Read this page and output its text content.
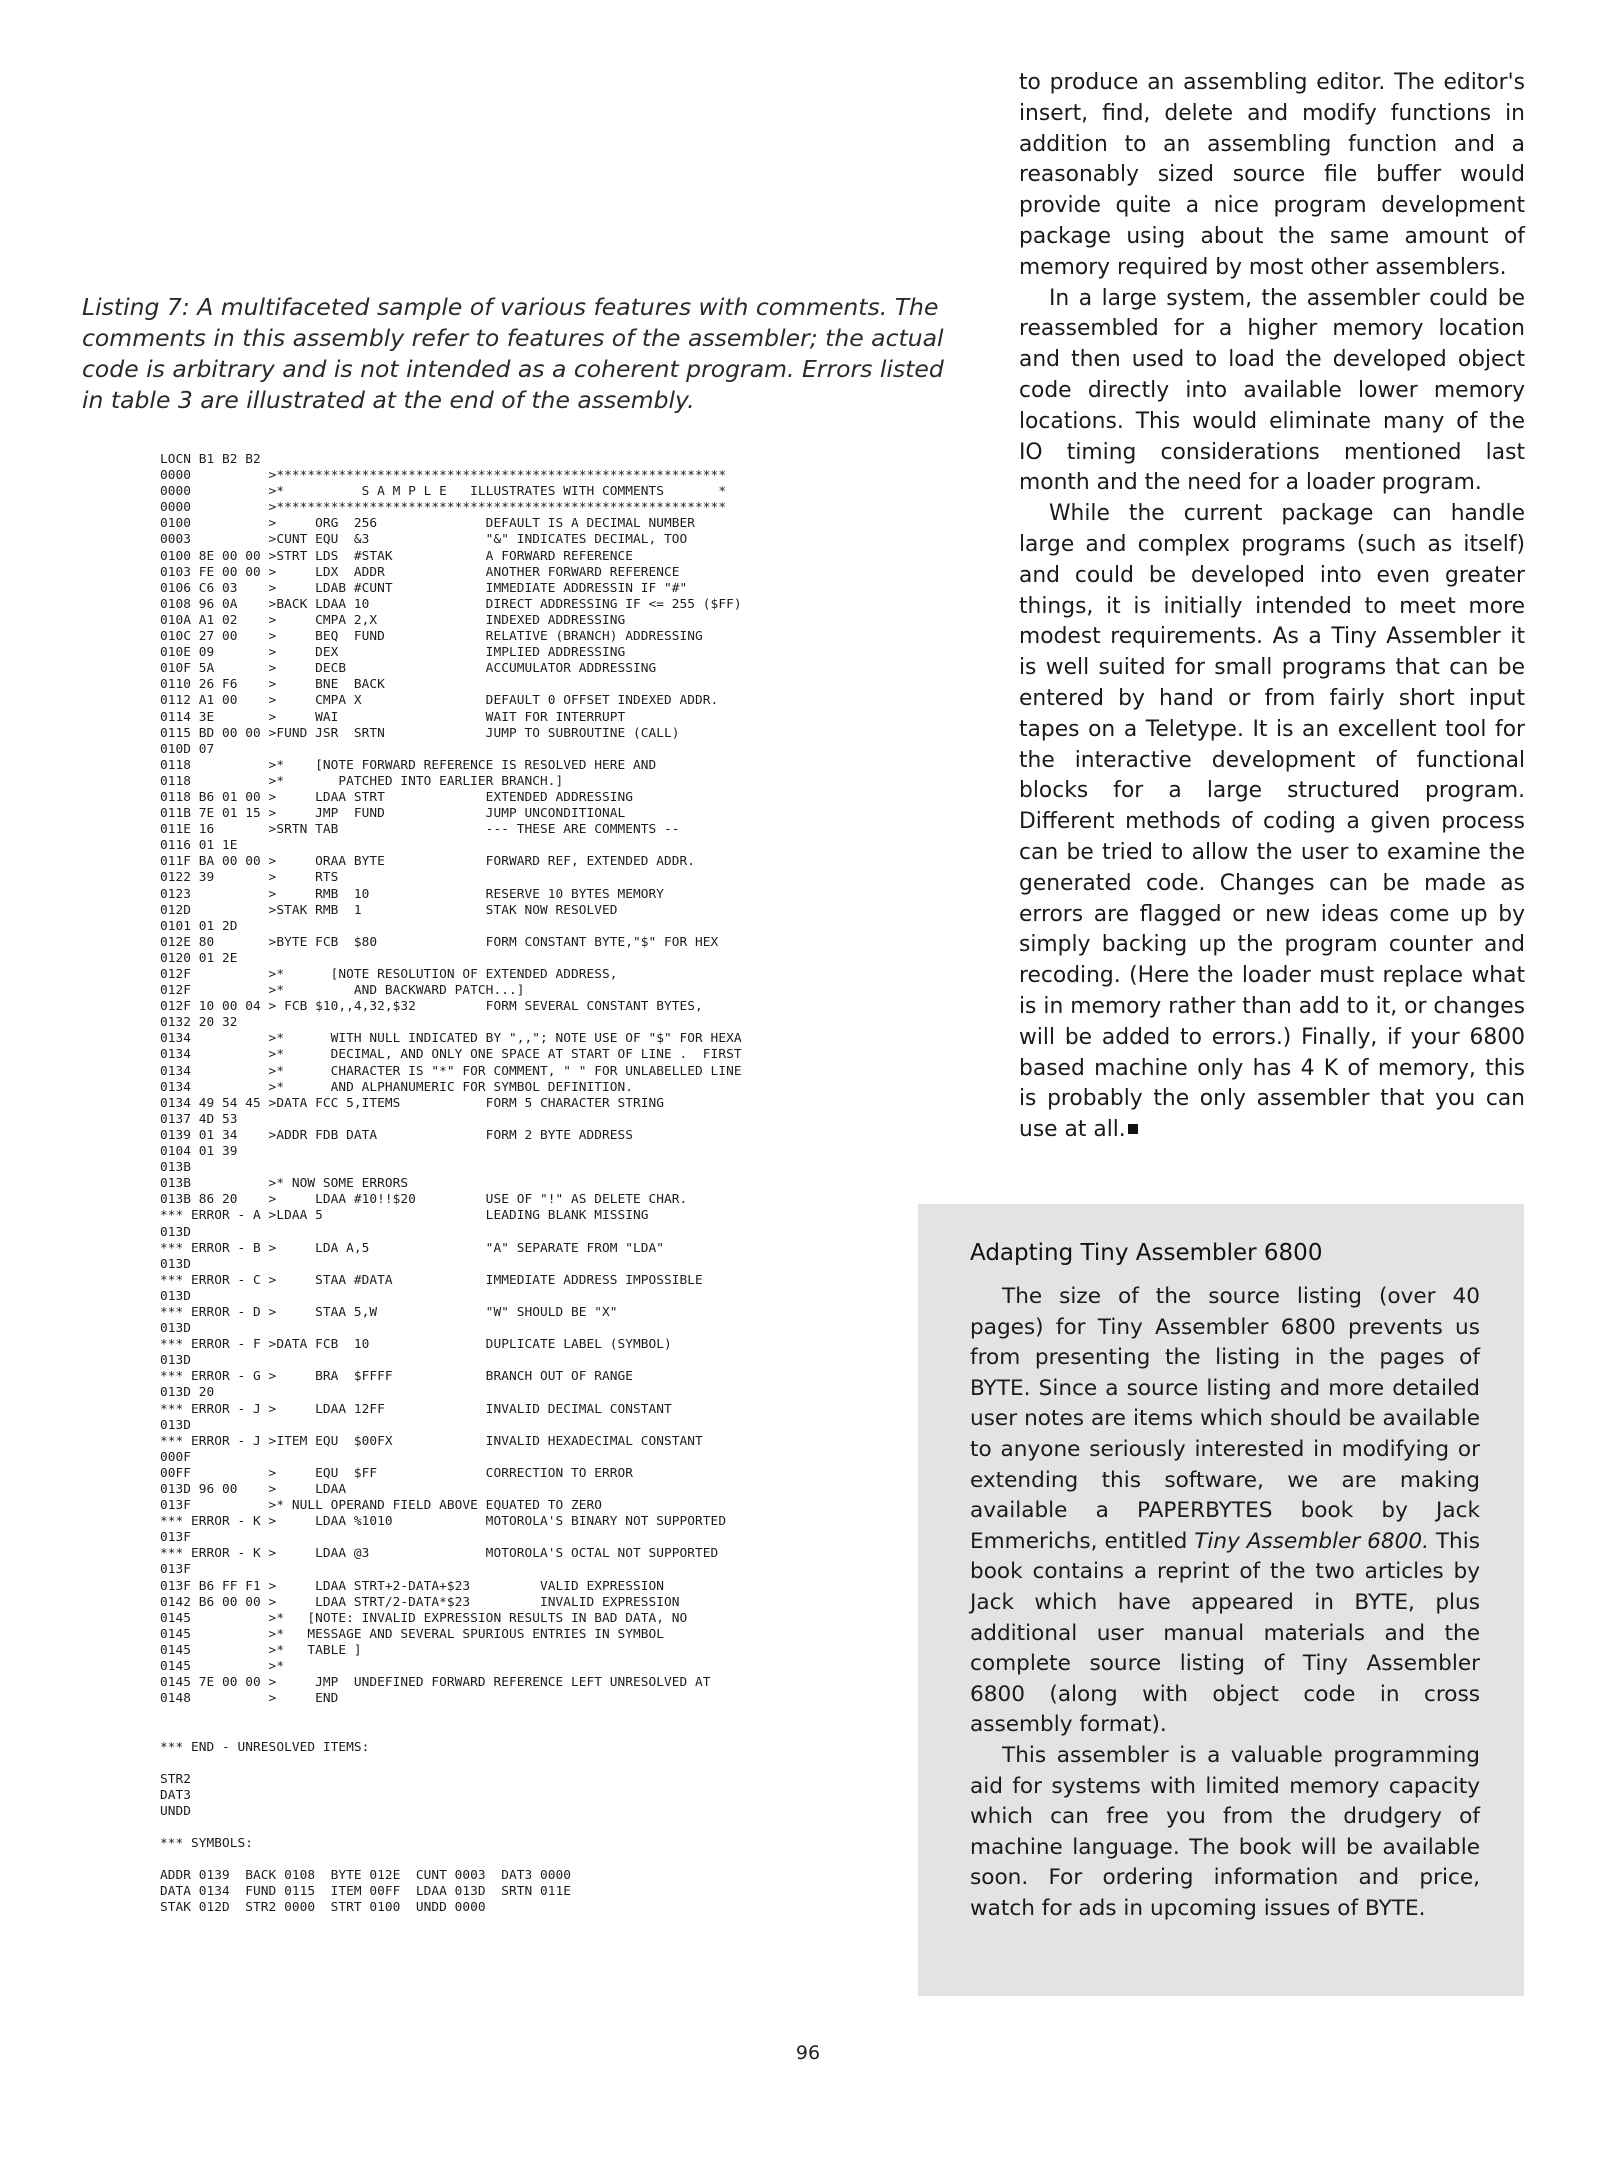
Listing 7: A multifaceted sample of various features with comments. The comments in this assembly refer to features of the assembler; the actual code is arbitrary and is not intended as a coherent program. Errors listed in table 3 are illustrated at the end of the assembly.

LOCN B1 B2 B2
0000          >**********************************************************
0000          >*          S A M P L E   ILLUSTRATES WITH COMMENTS       *
0000          >**********************************************************
0100          >     ORG  256              DEFAULT IS A DECIMAL NUMBER
0003          >CUNT EQU  &3               "&" INDICATES DECIMAL, TOO
0100 8E 00 00 >STRT LDS  #STAK            A FORWARD REFERENCE
0103 FE 00 00 >     LDX  ADDR             ANOTHER FORWARD REFERENCE
0106 C6 03    >     LDAB #CUNT            IMMEDIATE ADDRESSIN IF "#"
0108 96 0A    >BACK LDAA 10               DIRECT ADDRESSING IF <= 255 ($FF)
010A A1 02    >     CMPA 2,X              INDEXED ADDRESSING
010C 27 00    >     BEQ  FUND             RELATIVE (BRANCH) ADDRESSING
010E 09       >     DEX                   IMPLIED ADDRESSING
010F 5A       >     DECB                  ACCUMULATOR ADDRESSING
0110 26 F6    >     BNE  BACK
0112 A1 00    >     CMPA X                DEFAULT 0 OFFSET INDEXED ADDR.
0114 3E       >     WAI                   WAIT FOR INTERRUPT
0115 BD 00 00 >FUND JSR  SRTN             JUMP TO SUBROUTINE (CALL)
010D 07
0118          >*    [NOTE FORWARD REFERENCE IS RESOLVED HERE AND
0118          >*       PATCHED INTO EARLIER BRANCH.]
0118 B6 01 00 >     LDAA STRT             EXTENDED ADDRESSING
011B 7E 01 15 >     JMP  FUND             JUMP UNCONDITIONAL
011E 16       >SRTN TAB                   --- THESE ARE COMMENTS --
0116 01 1E
011F BA 00 00 >     ORAA BYTE             FORWARD REF, EXTENDED ADDR.
0122 39       >     RTS
0123          >     RMB  10               RESERVE 10 BYTES MEMORY
012D          >STAK RMB  1                STAK NOW RESOLVED
0101 01 2D
012E 80       >BYTE FCB  $80              FORM CONSTANT BYTE,"$" FOR HEX
0120 01 2E
012F          >*      [NOTE RESOLUTION OF EXTENDED ADDRESS,
012F          >*         AND BACKWARD PATCH...]
012F 10 00 04 > FCB $10,,4,32,$32         FORM SEVERAL CONSTANT BYTES,
0132 20 32
0134          >*      WITH NULL INDICATED BY ",,"; NOTE USE OF "$" FOR HEXA
0134          >*      DECIMAL, AND ONLY ONE SPACE AT START OF LINE .  FIRST
0134          >*      CHARACTER IS "*" FOR COMMENT, " " FOR UNLABELLED LINE
0134          >*      AND ALPHANUMERIC FOR SYMBOL DEFINITION.
0134 49 54 45 >DATA FCC 5,ITEMS           FORM 5 CHARACTER STRING
0137 4D 53
0139 01 34    >ADDR FDB DATA              FORM 2 BYTE ADDRESS
0104 01 39
013B
013B          >* NOW SOME ERRORS
013B 86 20    >     LDAA #10!!$20         USE OF "!" AS DELETE CHAR.
*** ERROR - A >LDAA 5                     LEADING BLANK MISSING
013D
*** ERROR - B >     LDA A,5               "A" SEPARATE FROM "LDA"
013D
*** ERROR - C >     STAA #DATA            IMMEDIATE ADDRESS IMPOSSIBLE
013D
*** ERROR - D >     STAA 5,W              "W" SHOULD BE "X"
013D
*** ERROR - F >DATA FCB  10               DUPLICATE LABEL (SYMBOL)
013D
*** ERROR - G >     BRA  $FFFF            BRANCH OUT OF RANGE
013D 20
*** ERROR - J >     LDAA 12FF             INVALID DECIMAL CONSTANT
013D
*** ERROR - J >ITEM EQU  $00FX            INVALID HEXADECIMAL CONSTANT
000F
00FF          >     EQU  $FF              CORRECTION TO ERROR
013D 96 00    >     LDAA
013F          >* NULL OPERAND FIELD ABOVE EQUATED TO ZERO
*** ERROR - K >     LDAA %1010            MOTOROLA'S BINARY NOT SUPPORTED
013F
*** ERROR - K >     LDAA @3               MOTOROLA'S OCTAL NOT SUPPORTED
013F
013F B6 FF F1 >     LDAA STRT+2-DATA+$23         VALID EXPRESSION
0142 B6 00 00 >     LDAA STRT/2-DATA*$23         INVALID EXPRESSION
0145          >*   [NOTE: INVALID EXPRESSION RESULTS IN BAD DATA, NO
0145          >*   MESSAGE AND SEVERAL SPURIOUS ENTRIES IN SYMBOL
0145          >*   TABLE ]
0145          >*
0145 7E 00 00 >     JMP  UNDEFINED FORWARD REFERENCE LEFT UNRESOLVED AT
0148          >     END
*** END - UNRESOLVED ITEMS:
STR2
DAT3
UNDD
*** SYMBOLS:
ADDR 0139  BACK 0108  BYTE 012E  CUNT 0003  DAT3 0000
DATA 0134  FUND 0115  ITEM 00FF  LDAA 013D  SRTN 011E
STAK 012D  STR2 0000  STRT 0100  UNDD 0000

to produce an assembling editor. The editor's insert, find, delete and modify functions in addition to an assembling function and a reasonably sized source file buffer would provide quite a nice program development package using about the same amount of memory required by most other assemblers.

In a large system, the assembler could be reassembled for a higher memory location and then used to load the developed object code directly into available lower memory locations. This would eliminate many of the IO timing considerations mentioned last month and the need for a loader program.

While the current package can handle large and complex programs (such as itself) and could be developed into even greater things, it is initially intended to meet more modest requirements. As a Tiny Assembler it is well suited for small programs that can be entered by hand or from fairly short input tapes on a Teletype. It is an excellent tool for the interactive development of functional blocks for a large structured program. Different methods of coding a given process can be tried to allow the user to examine the generated code. Changes can be made as errors are flagged or new ideas come up by simply backing up the program counter and recoding. (Here the loader must replace what is in memory rather than add to it, or changes will be added to errors.) Finally, if your 6800 based machine only has 4 K of memory, this is probably the only assembler that you can use at all.

Adapting Tiny Assembler 6800

The size of the source listing (over 40 pages) for Tiny Assembler 6800 prevents us from presenting the listing in the pages of BYTE. Since a source listing and more detailed user notes are items which should be available to anyone seriously interested in modifying or extending this software, we are making available a PAPERBYTES book by Jack Emmerichs, entitled Tiny Assembler 6800. This book contains a reprint of the two articles by Jack which have appeared in BYTE, plus additional user manual materials and the complete source listing of Tiny Assembler 6800 (along with object code in cross assembly format).

This assembler is a valuable programming aid for systems with limited memory capacity which can free you from the drudgery of machine language. The book will be available soon. For ordering information and price, watch for ads in upcoming issues of BYTE.

96
